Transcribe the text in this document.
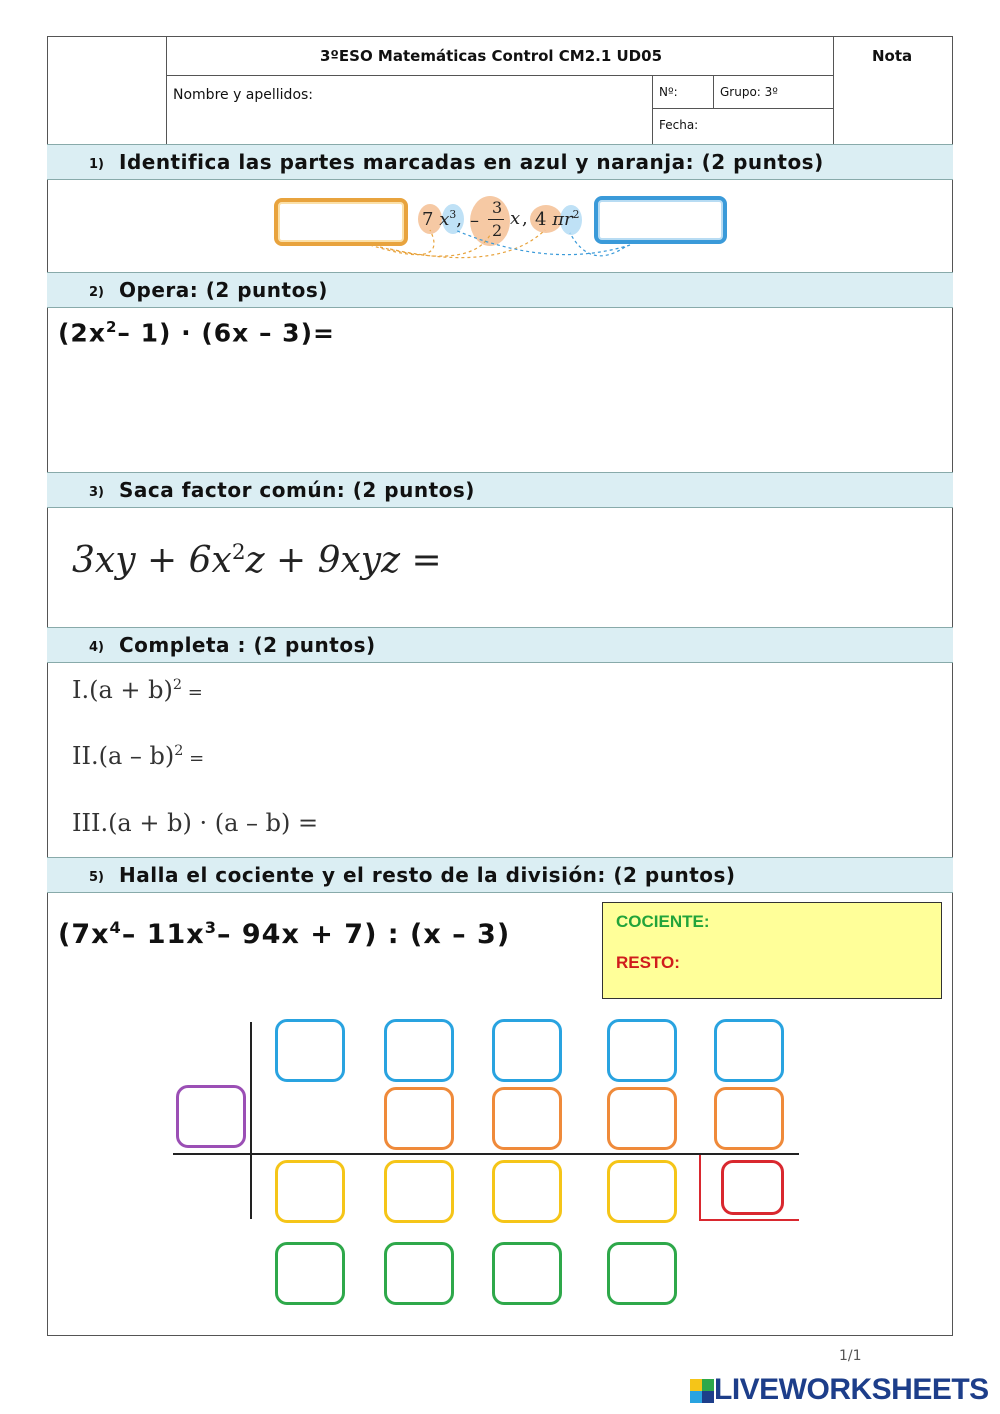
3ºESO Matemáticas Control CM2.1 UD05	Nota
Nombre y apellidos:	Nº:	Grupo: 3º
Fecha:
1) Identifica las partes marcadas en azul y naranja: (2 puntos)
7 $x^3$, –
3
2
x , 4 $\pi r^2$
2) Opera: (2 puntos)
($2x^2-$ 1) · (6x – 3)=
3) Saca factor común: (2 puntos)
$3xy + 6x^2z + 9xyz$ =
4) Completa : (2 puntos)
$I.(a + b)^2$ =
II.(a – b)$^2$ =
III.(a + b) · (a – b) =
5) Halla el cociente y el resto de la división: (2 puntos)
($7x^4-$ $11x^3-$ 94x + 7) : (x – 3)	COCIENTE:
RESTO:
1/1
LIVEWORKSHEETS
